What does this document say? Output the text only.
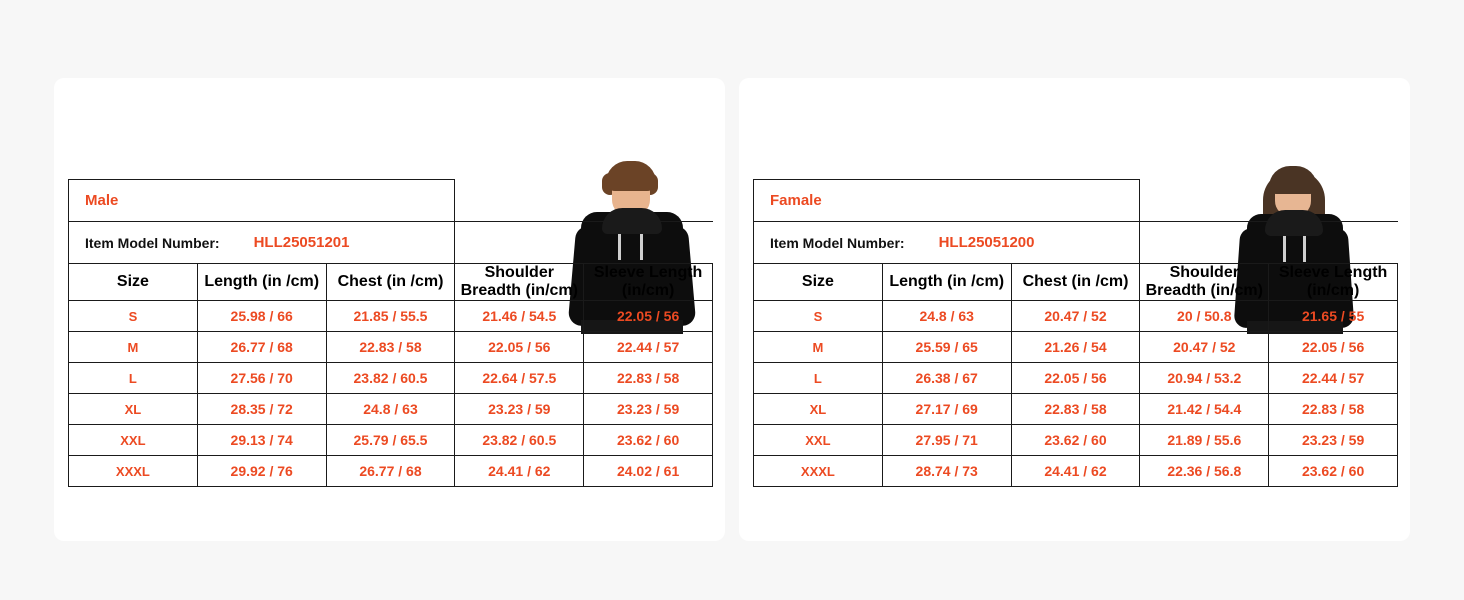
Male				

Item Model Number: HLL25051201				

Size	Length (in /cm)	Chest (in /cm)	Shoulder Breadth (in/cm)	Sleeve Length (in/cm)
S	25.98 / 66	21.85 / 55.5	21.46 / 54.5	22.05 / 56
M	26.77 / 68	22.83 / 58	22.05 / 56	22.44 / 57
L	27.56 / 70	23.82 / 60.5	22.64 / 57.5	22.83 / 58
XL	28.35 / 72	24.8 / 63	23.23 / 59	23.23 / 59
XXL	29.13 / 74	25.79 / 65.5	23.82 / 60.5	23.62 / 60
XXXL	29.92 / 76	26.77 / 68	24.41 / 62	24.02 / 61
Famale				

Item Model Number: HLL25051200				

Size	Length (in /cm)	Chest (in /cm)	Shoulder Breadth (in/cm)	Sleeve Length (in/cm)
S	24.8 / 63	20.47 / 52	20 / 50.8	21.65 / 55
M	25.59 / 65	21.26 / 54	20.47 / 52	22.05 / 56
L	26.38 / 67	22.05 / 56	20.94 / 53.2	22.44 / 57
XL	27.17 / 69	22.83 / 58	21.42 / 54.4	22.83 / 58
XXL	27.95 / 71	23.62 / 60	21.89 / 55.6	23.23 / 59
XXXL	28.74 / 73	24.41 / 62	22.36 / 56.8	23.62 / 60
